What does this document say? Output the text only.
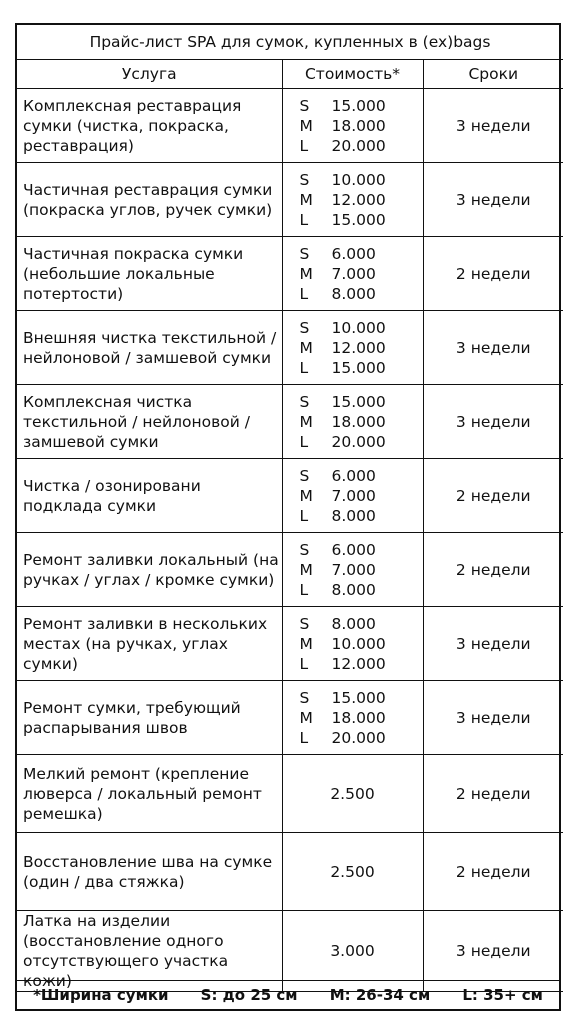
Прайс-лист SPA для сумок, купленных в (ex)bags		
Услуга	Стоимость*	Сроки
Комплексная реставрация сумки (чистка, покраска, реставрация)	S 15.000
M 18.000
L 20.000	3 недели
Частичная реставрация сумки (покраска углов, ручек сумки)	S 10.000
M 12.000
L 15.000	3 недели
Частичная покраска сумки (небольшие локальные потертости)	S 6.000
M 7.000
L 8.000	2 недели
Внешняя чистка текстильной / нейлоновой / замшевой сумки	S 10.000
M 12.000
L 15.000	3 недели
Комплексная чистка текстильной / нейлоновой / замшевой сумки	S 15.000
M 18.000
L 20.000	3 недели
Чистка / озонировани подклада сумки	S 6.000
M 7.000
L 8.000	2 недели
Ремонт заливки локальный (на ручках / углах / кромке сумки)	S 6.000
M 7.000
L 8.000	2 недели
Ремонт заливки в нескольких местах (на ручках, углах сумки)	S 8.000
M 10.000
L 12.000	3 недели
Ремонт сумки, требующий распарывания швов	S 15.000
M 18.000
L 20.000	3 недели
Мелкий ремонт (крепление люверса / локальный ремонт ремешка)	2.500	2 недели
Восстановление шва на сумке (один / два стяжка)	2.500	2 недели
Латка на изделии (восстановление одного отсутствующего участка кожи)	3.000	3 недели
*Ширина сумки S: до 25 см M: 26-34 см L: 35+ см
